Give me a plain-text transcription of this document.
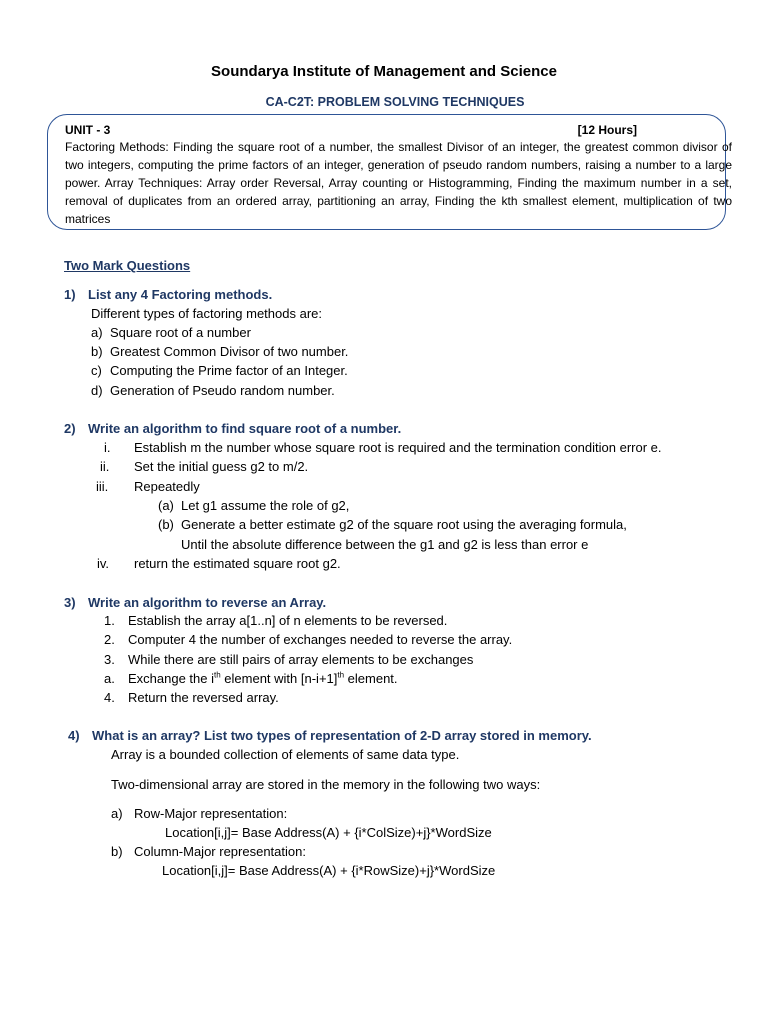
Soundarya Institute of Management and Science
CA-C2T: PROBLEM SOLVING TECHNIQUES
UNIT - 3	[12 Hours]
Factoring Methods: Finding the square root of a number, the smallest Divisor of an integer, the greatest common divisor of two integers, computing the prime factors of an integer, generation of pseudo random numbers, raising a number to a large power. Array Techniques: Array order Reversal, Array counting or Histogramming, Finding the maximum number in a set, removal of duplicates from an ordered array, partitioning an array, Finding the kth smallest element, multiplication of two matrices
Two Mark Questions
1) List any 4 Factoring methods.
Different types of factoring methods are:
a) Square root of a number
b) Greatest Common Divisor of two number.
c) Computing the Prime factor of an Integer.
d) Generation of Pseudo random number.
2) Write an algorithm to find square root of a number.
i. Establish m the number whose square root is required and the termination condition error e.
ii. Set the initial guess g2 to m/2.
iii. Repeatedly
(a) Let g1 assume the role of g2,
(b) Generate a better estimate g2 of the square root using the averaging formula,
Until the absolute difference between the g1 and g2 is less than error e
iv. return the estimated square root g2.
3) Write an algorithm to reverse an Array.
1. Establish the array a[1..n] of n elements to be reversed.
2. Computer 4 the number of exchanges needed to reverse the array.
3. While there are still pairs of array elements to be exchanges
a. Exchange the $i^{th}$ element with $[n-i+1]^{th}$ element.
4. Return the reversed array.
4) What is an array? List two types of representation of 2-D array stored in memory.
Array is a bounded collection of elements of same data type.
Two-dimensional array are stored in the memory in the following two ways:
a) Row-Major representation:
Location[i,j]= Base Address(A) + {i*ColSize)+j}*WordSize
b) Column-Major representation:
Location[i,j]= Base Address(A) + {i*RowSize)+j}*WordSize
